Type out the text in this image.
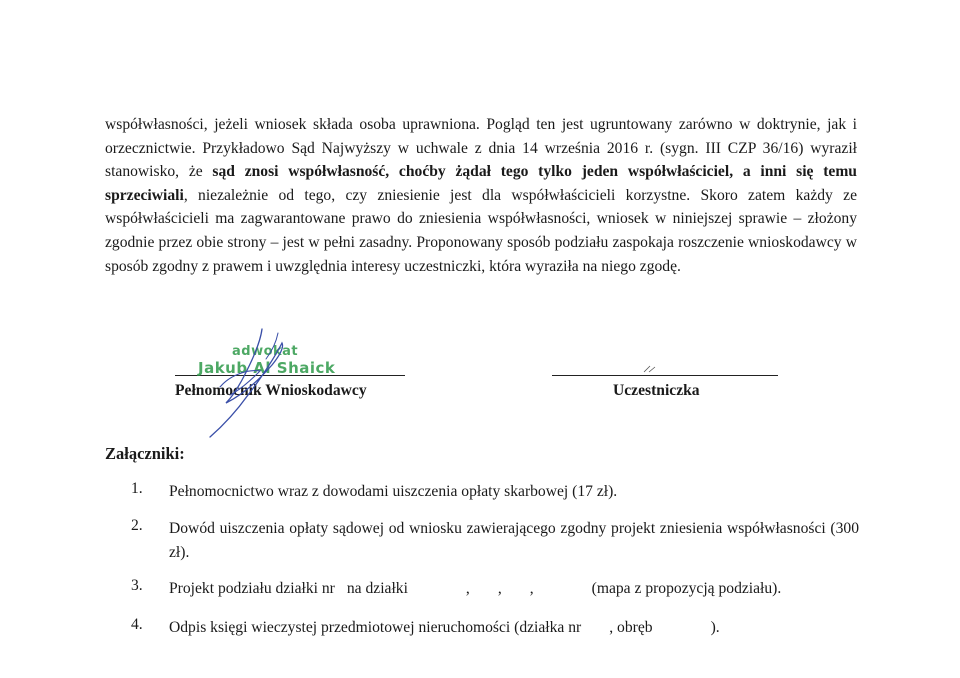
współwłasności, jeżeli wniosek składa osoba uprawniona. Pogląd ten jest ugruntowany zarówno w doktrynie, jak i orzecznictwie. Przykładowo Sąd Najwyższy w uchwale z dnia 14 września 2016 r. (sygn. III CZP 36/16) wyraził stanowisko, że sąd znosi współwłasność, choćby żądał tego tylko jeden współwłaściciel, a inni się temu sprzeciwiali, niezależnie od tego, czy zniesienie jest dla współwłaścicieli korzystne. Skoro zatem każdy ze współwłaścicieli ma zagwarantowane prawo do zniesienia współwłasności, wniosek w niniejszej sprawie – złożony zgodnie przez obie strony – jest w pełni zasadny. Proponowany sposób podziału zaspokaja roszczenie wnioskodawcy w sposób zgodny z prawem i uwzględnia interesy uczestniczki, która wyraziła na niego zgodę.

adwokat
Jakub Al Shaick
Pełnomocnik Wnioskodawcy	Uczestniczka
Załączniki:
1.	Pełnomocnictwo wraz z dowodami uiszczenia opłaty skarbowej (17 zł).
2.	Dowód uiszczenia opłaty sądowej od wniosku zawierającego zgodny projekt zniesienia współwłasności (300 zł).
3.	Projekt podziału działki nr na działki	, , ,	(mapa z propozycją podziału).
4.	Odpis księgi wieczystej przedmiotowej nieruchomości (działka nr , obręb	).
